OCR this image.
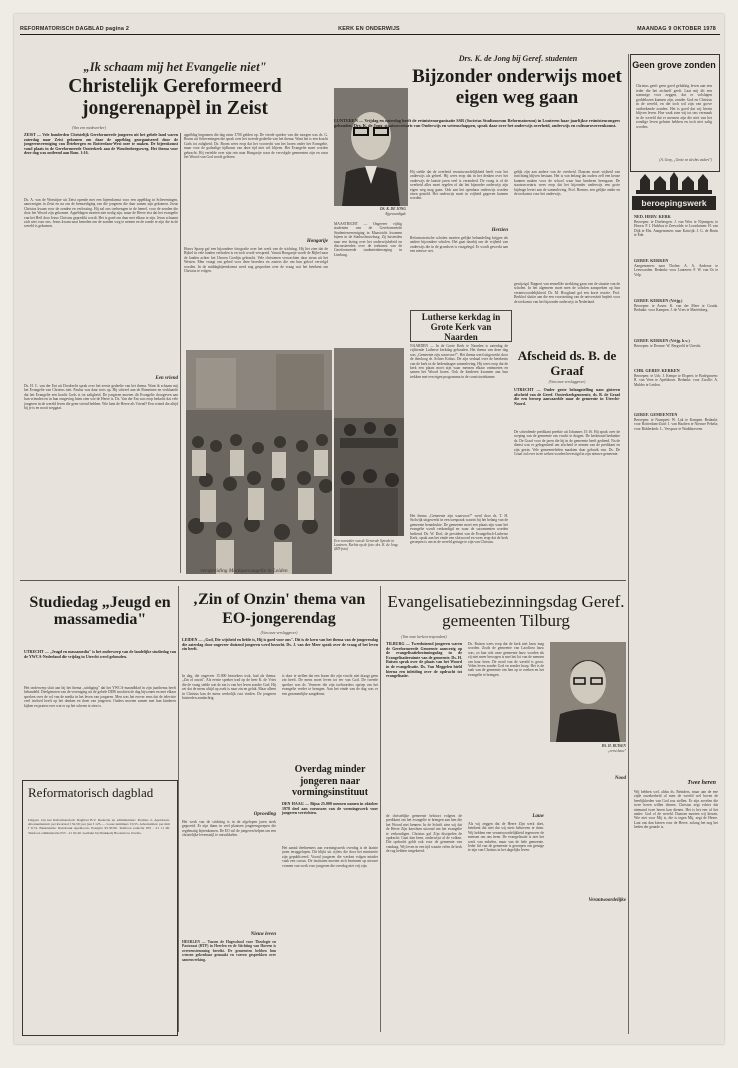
REFORMATORISCH DAGBLAD pagina 2	KERK EN ONDERWIJS	MAANDAG 9 OKTOBER 1978
„Ik schaam mij het Evangelie niet"
Christelijk Gereformeerd jongerenappèl in Zeist
(Van een medewerker)
ZEIST — Vele honderden Christelijk Gereformeerde jongeren uit het gehele land waren zaterdag naar Zeist gekomen om daar de appèldag georganiseerd door de jongerenvereniging van Driebergen en Rotterdam-West mee te maken. De bijeenkomst vond plaats in de Gereformeerde Oosterkerk aan de Woudenbergseweg. Het thema voor deze dag was ontleend aan Rom. 1:16.
Ds. A. van de Woestijne uit Zeist opende met een bijeenkomst voor een appèldag in Scheveningen, aanwezigen in Zeist en nu om de bemoediging van die jongeren die daar samen zijn gekomen. Jezus Christus kwam voor de zonden en verlossing. Hij zal ons toebrengen in de hemel, voor de zonden die door het Woord zijn gekomen. Appèldagen moeten niet nodig zijn, maar de Heere eist dat het evangelie van het Heil door Jezus Christus gepredikt wordt. Het is goed om daar met elkaar te zijn. Jezus schaamt zich niet voor ons. Jezus kwam naar beneden om de zonden weg te nemen en de zonde te zijn die in de wereld is gekomen.
Een vriend
Ds. H. C. van der Ent uit Dordrecht sprak over het eerste gedeelte van het thema. Want ik schaam mij het Evangelie van Christus niet. Paulus was daar trots op. Hij schreef aan de Romeinen en verklaarde dat het Evangelie een kracht Gods is tot zaligheid. De jongeren moeten dit Evangelie doorgeven aan hun vrienden en in hun omgeving laten zien wie de Heere is. Ds. Van der Ent was erop bedacht dat vele jongeren in de wereld leven die geen vriend hebben. Wie kent de Heere als Vriend? Een vriend die altijd bij je is en nooit weggaat.
appèldag begonnen die dag ruim 3700 gelden op. De vierde spreker van die morgen was ds. G. Boom uit Scheveningen die sprak over het tweede gedeelte van het thema. Want het is een kracht Gods tot zaligheid. Ds. Boom wees erop dat het voorrecht van het horen onder het Evangelie, maar voor de godzalige tijdkunst van deze tijd niet wil blijven. Het Evangelie moet worden gebracht. Hij vertelde over zijn reis naar Hongarije waar de vervolgde gemeenten zijn en waar het Woord van God wordt gelezen.
Hongarije
Hoors Spaop gaf een bijzondere fotografie over het werk van de stichting. Hij liet zien dat de Bijbel in vele landen verboden is en toch wordt verspreid. Vanuit Hongarije wordt de Bijbel naar de landen achter het IJzeren Gordijn gebracht. Vele christenen verwachten daar steun uit het Westen. Men vraagt om gebed voor deze broeders en zusters die om hun geloof vervolgd worden. In de middagbijeenkomst werd nog gesproken over de vraag wat het betekent om Christus te volgen.
DS. K. DE JONG
Afgevaardigde
Drs. K. de Jong bij Geref. studenten
Bijzonder onderwijs moet eigen weg gaan
LUNTEREN — Vrijdag en zaterdag heeft de reünistenorganisatie SSR (Societas Studiosorum Reformatorum) in Lunteren haar jaarlijkse reünistencongres gehouden. Drs. K. de Jong, staatssecretaris van Onderwijs en wetenschappen, sprak daar over het onderwijs overheid, onderwijs en cultuurovereenkomst.
MAASTRICHT — Ongeveer vijftig studenten van de Gereformeerde Studentenvereniging in Maastricht kwamen bijeen in de Stadsschouwburg. Zij luisterden naar een lezing over het onderwijsbeleid en discussieerden over de toekomst van de Gereformeerde studentenbeweging in Limburg.
Hij stelde dat de overheid verantwoordelijkheid heeft voor het onderwijs als geheel. Hij wees erop dat in het denken over het onderwijs de laatste jaren veel is veranderd. De vraag is of de overheid alles moet regelen of dat het bijzonder onderwijs zijn eigen weg mag gaan. Ook aan het openbaar onderwijs worden eisen gesteld. Het onderwijs moet in vrijheid gegeven kunnen worden.
Herzien
Reformatorische scholen moeten gelijke behandeling krijgen als andere bijzondere scholen. Het gaat daarbij om de vrijheid van onderwijs die in de grondwet is vastgelegd. Er wordt gewerkt aan een nieuwe wet.
gelijk zijn aan andere van de overheid. Daarom moet vrijheid van inrichting blijven bestaan. Het is van belang dat ouders zelf een keuze kunnen maken voor de school waar hun kinderen heengaan. De staatssecretaris wees erop dat het bijzonder onderwijs een grote bijdrage levert aan de samenleving. Prof. Bremer, een gelijke ander en de toekomst voor het onderwijs.
gewijzigd. Rapport van eenzelfde strekking gaan van de situatie van de scholen. In het algemeen moet men de scholen aanspreken op hun verantwoordelijkheid. Dr. M. Hoogland gaf een korte reactie. Prof. Berkhof sluitte aan die een voortzetting van de universiteit bepleit voor de toekomst van het bijzonder onderwijs in Nederland.
Lutherse kerkdag in Grote Kerk van Naarden
NAARDEN — In de Grote Kerk te Naarden is zaterdag de vijftiende Lutherse kerkdag gehouden. Het thema van deze dag was „Gemeente zijn waarvoor?". Het thema werd uitgewerkt door de theoloog dr. Achter Kobus. De zijn verhaal over de betekenis van de kerk in de hedendaagse samenleving. Hij wees erop dat de kerk een plaats moet zijn waar mensen elkaar ontmoeten en samen het Woord horen. Ook de kinderen kwamen aan hun trekken met een eigen programma in de consistoriekamer.
Het thema „Gemeente zijn waarvoor?" werd door ds. T. H. Stolwijk uitgewerkt in een toespraak waarin hij het belang van de gemeente benadrukte. De gemeente moet een plaats zijn waar het evangelie wordt verkondigd en waar de sacramenten worden bediend. Ds. W. Dorl, de president van de Evangelisch-Lutherse Kerk, sprak aan het einde een slotwoord en wees erop dat de kerk geroepen is om in de wereld getuige te zijn van Christus.
Afscheid ds. B. de Graaf
(Van onze verslaggever)
UTRECHT — Onder grote belangstelling nam gisteren afscheid van de Geref. Oosterkerkgemeente, ds. B. de Graaf die een beroep aanvaardde naar de gemeente in Utrecht-Noord.
De scheidende predikant preekte uit Johannes 15:16. Hij sprak over de roeping van de gemeente om vrucht te dragen. De kerkeraad bedankte ds. De Graaf voor de jaren die hij in de gemeente heeft gediend. Na de dienst was er gelegenheid om afscheid te nemen van de predikant en zijn gezin. Vele gemeenteleden maakten daar gebruik van. Ds. De Graaf zal over twee weken worden bevestigd in zijn nieuwe gemeente.
verspreiding Markusevangelie in Leiden
Een voorzitter van de Generale Synode in Lunteren. Rechts op de foto: drs. K. de Jong. (RD-foto)
‚Zin of Onzin' thema van EO-jongerendag
(Van onze verslaggever)
LEIDEN — „God, Die wijsheid en liefde is, Hij is goed voor ons". Dit is de kern van het thema van de jongerendag die zaterdag door ongeveer duizend jongeren werd bezocht. Ds. J. van der Meer sprak over de vraag of het leven zin heeft.
In dag, die ongeveer 15.000 bezoekers trok, had als thema: „Zin of onzin". Als eerste spreker trad op de heer K. de Vries die de vraag stelde wat de zin is van het leven zonder God. Hij zei dat de mens altijd op zoek is naar zin en geluk. Maar alleen in Christus kan de mens werkelijk rust vinden. De jongeren luisterden aandachtig.
Opvoeding
Het werk van de stichting is in de afgelopen jaren sterk gegroeid. Er zijn thans in veel plaatsen jongerengroepen die regelmatig bijeenkomen. De EO wil de jongeren helpen om een christelijke levensstijl te ontwikkelen.
Nieuw leven
HEERLEN — Tussen de Hogeschool voor Theologie en Pastoraat (HTP) in Heerlen en de Stichting van Hoeven is overeenstemming bereikt. De gemeenten hebben hun wensen gekenbaar gemaakt en voeren gesprekken over samenwerking.
is door te stellen dat een boom die zijn vrucht niet draagt geen zin heeft. De mens moet leven tot eer van God. De tweede spreker was ds. Vermeer die zijn toehoorders opriep om het evangelie verder te brengen. Aan het einde van de dag was er een gezamenlijke zangdienst.
Overdag minder jongeren naar vormingsinstituut
DEN HAAG — Bijna 25.000 mensen namen in oktober 1978 deel aan cursussen van de vormingswerk voor jongeren verrichten.
Het aantal deelnemers aan vormingswerk overdag is de laatste jaren teruggelopen. Dit blijkt uit cijfers die door het ministerie zijn gepubliceerd. Vooral jongeren die werken volgen minder vaak een cursus. De instituten moeten zich bezinnen op nieuwe vormen van werk voor jongeren die overdag niet vrij zijn.
Studiedag „Jeugd en massamedia"
UTRECHT — „Jeugd en massamedia" is het onderwerp van de landelijke studiedag van de YWCA-Nederland die vrijdag in Utrecht werd gehouden.
Het onderwerp sluit aan bij het thema „uitdaging" dat het YWCA-maandblad in zijn jaarthema heeft behandeld. Deelgenoten van de vereniging uit de gehele DDR mochten de dag bijwonen en met elkaar spreken over de rol van de media in het leven van jongeren. Men was het erover eens dat de televisie veel invloed heeft op het denken en doen van jongeren. Ouders moeten samen met hun kinderen kijken en praten over wat er op het scherm te zien is.
Reformatorisch dagblad
Uitgave van het Reformatorisch Dagblad B.V. Redactie en administratie: Postbus 2, Apeldoorn. Abonnementen: per kwartaal f 32,50; per jaar f 125,—. Losse nummers f 0,55. Advertenties: per mm f 0,74. Bankrelatie: Rabobank Apeldoorn. Postgiro 95.30.90. Telefoon redactie 055 - 21 11 00. Telefoon administratie 055 - 21 04 40. Gedrukt bij Drukkerij Boonstra te Zwolle.
Evangelisatiebezinningsdag Geref. gemeenten Tilburg
(Van onze kerkcorrespondent)
TILBURG — Tweeduizend jongeren waren de Gereformeerde Gemeente aanwezig op de evangelisatiebezinningsdag in de Evangelisatieruimte van de gemeente. Ds. H. Ruisen sprak over de plaats van het Woord in de evangelisatie. Ds. Van Meggelen hield hierna een inleiding over de opdracht tot evangelisatie.
de christelijke gemeente behoort volgens de predikant om het evangelie te brengen aan hen die het Woord niet kennen. In de Schrift zien wij dat de Heere Zijn knechten uitzond om het evangelie te verkondigen. Christus gaf Zijn discipelen de opdracht: Gaat dan heen, onderwijst al de volken. Die opdracht geldt ook voor de gemeente van vandaag. Wij leven in een tijd waarin velen de kerk de rug hebben toegekeerd.
Ds. Ruisen wees erop dat de kerk niet lauw mag worden. Zoals de gemeente van Laodicea lauw was, zo kan ook onze gemeente lauw worden als zij niet meer bewogen is met het lot van de mensen om haar heen. De nood van de wereld is groot. Velen leven zonder God en zonder hoop. Het is de taak van de gemeente om hen op te zoeken en het evangelie te brengen.
Lauw
Als wij zeggen dat de Heere Zijn werk doet, betekent dat niet dat wij niets behoeven te doen. Wij hebben een verantwoordelijkheid tegenover de mensen om ons heen. De evangelisatie is niet het werk van enkelen, maar van de hele gemeente. Ieder lid van de gemeente is geroepen om getuige te zijn van Christus in het dagelijks leven.
Nood
Verantwoordelijke
DS. H. RUISEN
„eerst lauw"
Geen grove zonden
Christus geeft geen goed gelukkig leven aan een ieder die het zichzelf geeft. Laat mij dit een sommige voor zeggen, dat er volslagen goddelozen kunnen zijn, zonder God en Christus in de wereld, en die toch wil zijn van grove ontbrekende zonden. Het is goed dat wij hierin blijven leven. Hoe vaak zien wij tot ons vermaak in de wereld dat er mensen zijn die niet van het zondige leven gelaten hebben en toch niet zalig worden.
(A. Gray, „Grote en slechts vaders")
beroepingswerk
NED. HERV. KERK
Beroepen: te Driebergen: J. van Wier te Nijmegen; te Hoorn: P. J. Hulsbos te Zeewolde; te Loosduinen: H. van Dijk te Elst. Aangenomen: naar Katwijk: J. G. de Bruin te Ede.
GEREF. KERKEN
Aangenomen: naar Tholen: A. A. Andreae te Leeuwarden. Bedankt: voor Lunteren: F. W. van Os te Velp.
GEREF. KERKEN (Vrijg.)
Beroepen: te Assen: K. van der Meer te Gouda. Bedankt: voor Kampen: J. de Vries te Mariënberg.
GEREF. KERKEN (Vrijg. b.v.)
Beroepen: te Deurne: W. Bergveld te Utrecht.
CHR. GEREF. KERKEN
Beroepen: te Urk: J. Kempe te Elspeet; te Bodegraven: R. van Veen te Apeldoorn. Bedankt: voor Zwolle: A. Mulder te Leiden.
GEREF. GEMEENTEN
Beroepen: te Nunspeet: W. Lok te Kampen. Bedankt: voor Rotterdam-Zuid: J. van Haaften te Nieuwe Pekela; voor Ridderkerk: L. Verspoor te Waddinxveen.
Twee heren
Wij hebben wel, aldus ds. Reinders, maar aan de ene zijde onzekerheid of men de wereld wel boven de heerlijkheden van God zou stellen. Er zijn zovelen die twee heren willen dienen. Christus zegt echter dat niemand twee heren kan dienen. Het is het een of het ander: God of de wereld. Daarom moeten wij kiezen. Wie niet voor Mij is, die is tegen Mij, zegt de Heere. Laat ons dan kiezen voor de Heere, zolang het nog het heden der genade is.
